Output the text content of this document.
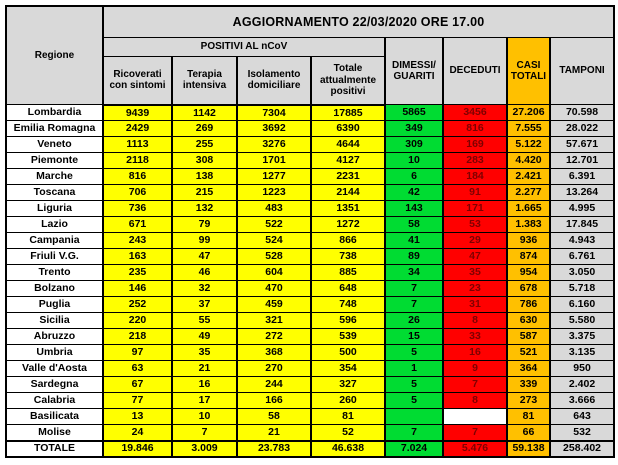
Regione	AGGIORNAMENTO 22/03/2020 ORE 17.00							
	POSITIVI AL nCoV				DIMESSI/ GUARITI	DECEDUTI	CASI TOTALI	TAMPONI
	Ricoverati con sintomi	Terapia intensiva	Isolamento domiciliare	Totale attualmente positivi				
Lombardia	9439	1142	7304	17885	5865	3456	27.206	70.598
Emilia Romagna	2429	269	3692	6390	349	816	7.555	28.022
Veneto	1113	255	3276	4644	309	169	5.122	57.671
Piemonte	2118	308	1701	4127	10	283	4.420	12.701
Marche	816	138	1277	2231	6	184	2.421	6.391
Toscana	706	215	1223	2144	42	91	2.277	13.264
Liguria	736	132	483	1351	143	171	1.665	4.995
Lazio	671	79	522	1272	58	53	1.383	17.845
Campania	243	99	524	866	41	29	936	4.943
Friuli V.G.	163	47	528	738	89	47	874	6.761
Trento	235	46	604	885	34	35	954	3.050
Bolzano	146	32	470	648	7	23	678	5.718
Puglia	252	37	459	748	7	31	786	6.160
Sicilia	220	55	321	596	26	8	630	5.580
Abruzzo	218	49	272	539	15	33	587	3.375
Umbria	97	35	368	500	5	16	521	3.135
Valle d'Aosta	63	21	270	354	1	9	364	950
Sardegna	67	16	244	327	5	7	339	2.402
Calabria	77	17	166	260	5	8	273	3.666
Basilicata	13	10	58	81			81	643
Molise	24	7	21	52	7	7	66	532
TOTALE	19.846	3.009	23.783	46.638	7.024	5.476	59.138	258.402
